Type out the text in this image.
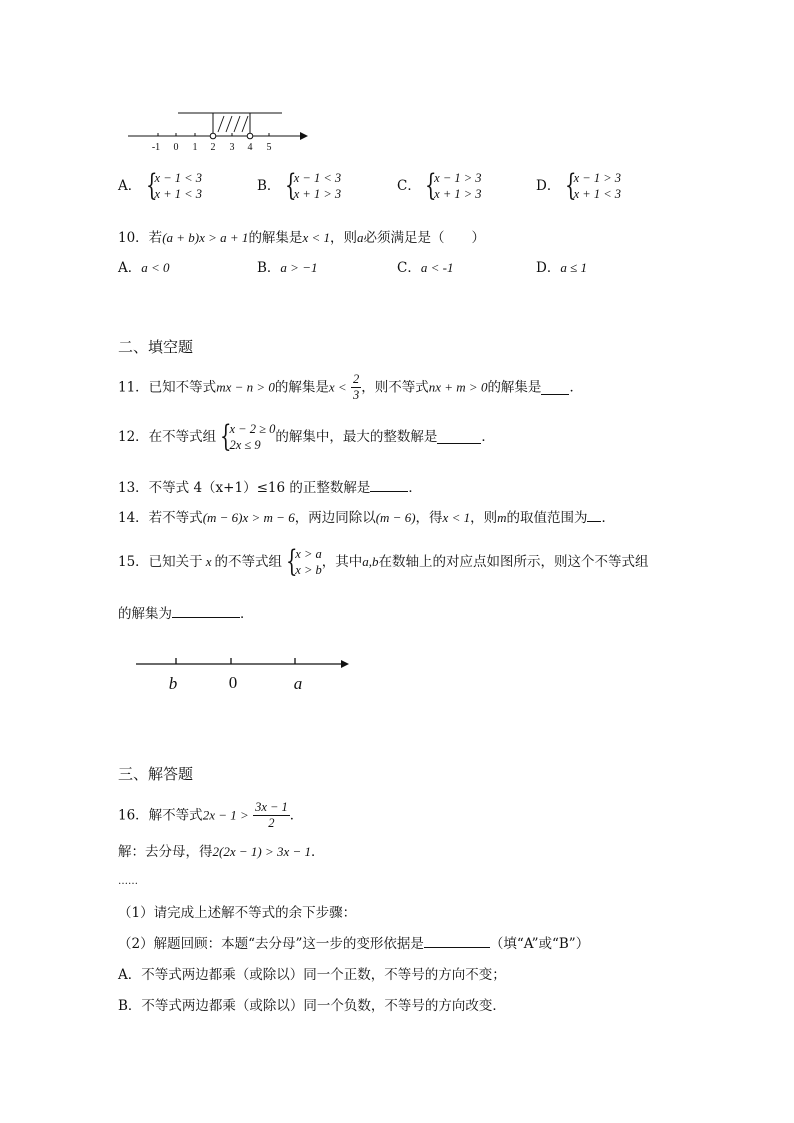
-1 0 1 2 3 4 5
A． {
x − 1 < 3
x + 1 < 3	B． {
x − 1 < 3
x + 1 > 3	C． {
x − 1 > 3
x + 1 > 3	D． {
x − 1 > 3
x + 1 < 3
10．若(a + b)x > a + 1的解集是x < 1，则a必须满足是（　　）
A．a < 0	B．a > −1	C．a < -1	D．a ≤ 1
二、填空题
11．已知不等式mx − n > 0的解集是$x < \frac{2}{3}$ ，则不等式nx + m > 0的解集是 ．
12．在不等式组 {
x − 2 ≥ 0
2x ≤ 9	的解集中，最大的整数解是	．
13．不等式 4（x+1）≤16 的正整数解是	．
14．若不等式(m − 6)x > m − 6，两边同除以(m − 6)，得x < 1，则m的取值范围为 ．
15．已知关于 x 的不等式组 {
x > a
x > b ，其中a,b在数轴上的对应点如图所示，则这个不等式组
的解集为	．
b	0	a
三、解答题
16．解不等式$2x - 1 > \frac{3x - 1}{2}$ ．
解：去分母，得2(2x − 1) > 3x − 1．
……
（1）请完成上述解不等式的余下步骤：
（2）解题回顾：本题“去分母”这一步的变形依据是	（填“A”或“B”）
A．不等式两边都乘（或除以）同一个正数，不等号的方向不变；
B．不等式两边都乘（或除以）同一个负数，不等号的方向改变．
